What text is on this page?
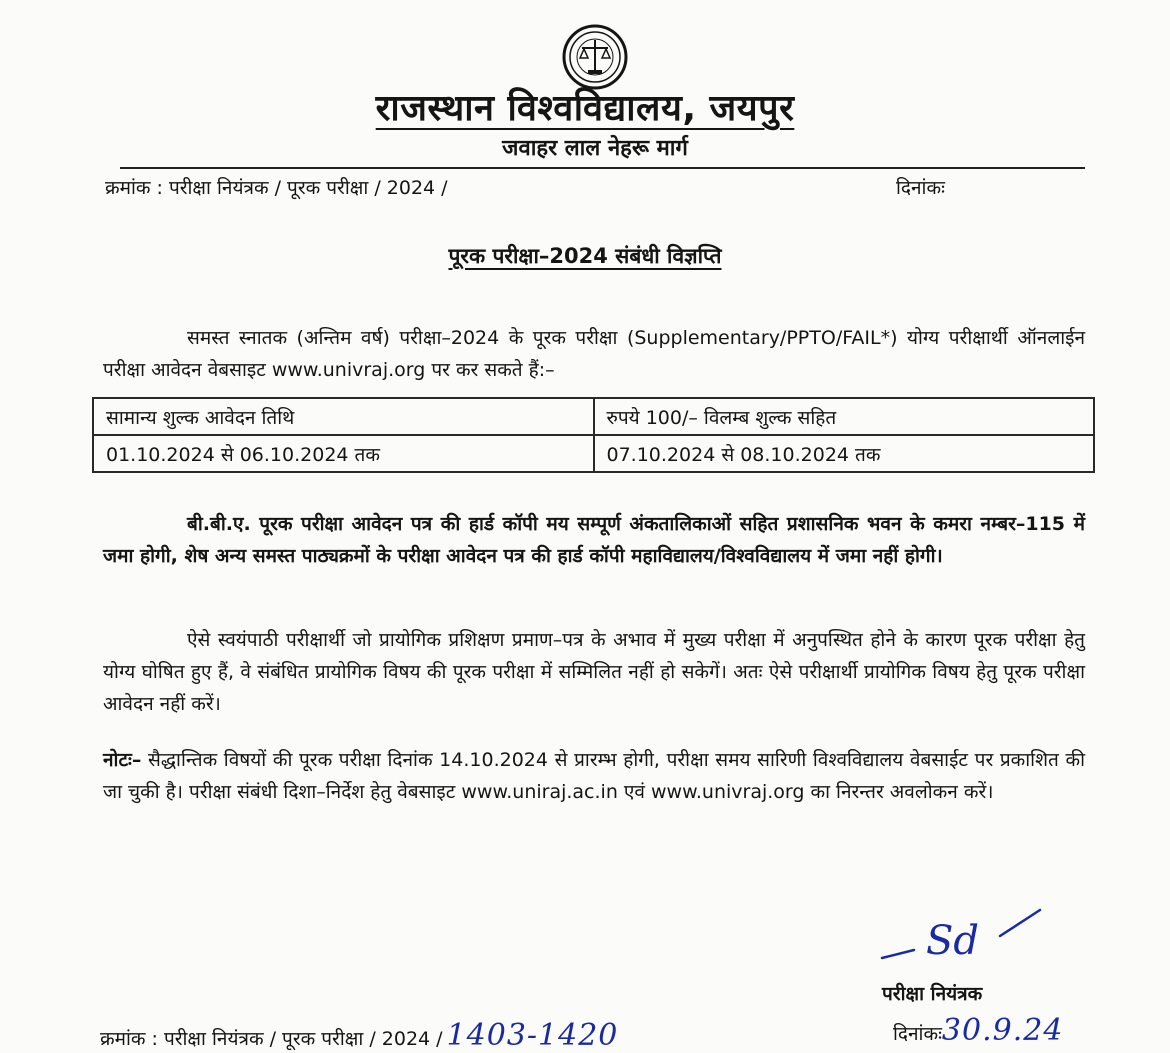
राजस्थान विश्वविद्यालय, जयपुर
जवाहर लाल नेहरू मार्ग
क्रमांक : परीक्षा नियंत्रक / पूरक परीक्षा / 2024 /	दिनांकः
पूरक परीक्षा–2024 संबंधी विज्ञप्ति
समस्त स्नातक (अन्तिम वर्ष) परीक्षा–2024 के पूरक परीक्षा (Supplementary/PPTO/FAIL*) योग्य परीक्षार्थी ऑनलाईन परीक्षा आवेदन वेबसाइट www.univraj.org पर कर सकते हैं:–
सामान्य शुल्क आवेदन तिथि	रुपये 100/– विलम्ब शुल्क सहित
01.10.2024 से 06.10.2024 तक	07.10.2024 से 08.10.2024 तक
बी.बी.ए. पूरक परीक्षा आवेदन पत्र की हार्ड कॉपी मय सम्पूर्ण अंकतालिकाओं सहित प्रशासनिक भवन के कमरा नम्बर–115 में जमा होगी, शेष अन्य समस्त पाठ्यक्रमों के परीक्षा आवेदन पत्र की हार्ड कॉपी महाविद्यालय/विश्वविद्यालय में जमा नहीं होगी।
ऐसे स्वयंपाठी परीक्षार्थी जो प्रायोगिक प्रशिक्षण प्रमाण–पत्र के अभाव में मुख्य परीक्षा में अनुपस्थित होने के कारण पूरक परीक्षा हेतु योग्य घोषित हुए हैं, वे संबंधित प्रायोगिक विषय की पूरक परीक्षा में सम्मिलित नहीं हो सकेगें। अतः ऐसे परीक्षार्थी प्रायोगिक विषय हेतु पूरक परीक्षा आवेदन नहीं करें।
नोटः– सैद्धान्तिक विषयों की पूरक परीक्षा दिनांक 14.10.2024 से प्रारम्भ होगी, परीक्षा समय सारिणी विश्वविद्यालय वेबसाईट पर प्रकाशित की जा चुकी है। परीक्षा संबंधी दिशा–निर्देश हेतु वेबसाइट www.uniraj.ac.in एवं www.univraj.org का निरन्तर अवलोकन करें।
Sd
परीक्षा नियंत्रक
क्रमांक : परीक्षा नियंत्रक / पूरक परीक्षा / 2024 / 1403-1420	दिनांकः30.9.24
